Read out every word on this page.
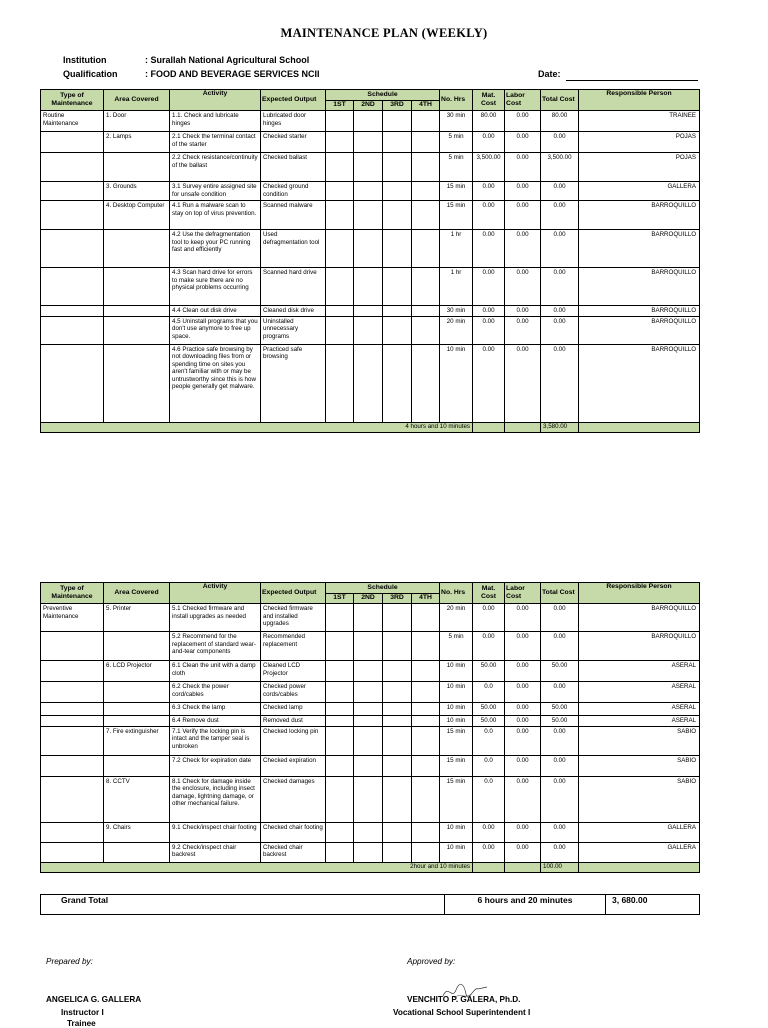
MAINTENANCE PLAN (WEEKLY)
Institution	: Surallah National Agricultural School
Qualification	: FOOD AND BEVERAGE SERVICES NCII	Date:
Type of Maintenance	Area Covered	Activity	Expected Output	Schedule				No. Hrs	Mat. Cost	Labor Cost	Total Cost	Responsible Person
				1ST	2ND	3RD	4TH					
Routine Maintenance	1. Door	1.1. Check and lubricate hinges	Lubricated door hinges					30 min	80.00	0.00	80.00	TRAINEE
	2. Lamps	2.1 Check the terminal contact of the starter	Checked starter					5 min	0.00	0.00	0.00	POJAS
		2.2 Check resistance/continuity of the ballast	Checked ballast					5 min	3,500.00	0.00	3,500.00	POJAS
	3. Grounds	3.1 Survey entire assigned site for unsafe condition	Checked ground condition					15 min	0.00	0.00	0.00	GALLERA
	4. Desktop Computer	4.1 Run a malware scan to stay on top of virus prevention.	Scanned malware					15 min	0.00	0.00	0.00	BARROQUILLO
		4.2 Use the defragmentation tool to keep your PC running fast and efficiently	Used defragmentation tool					1 hr	0.00	0.00	0.00	BARROQUILLO
		4.3 Scan hard drive for errors to make sure there are no physical problems occurring	Scanned hard drive					1 hr	0.00	0.00	0.00	BARROQUILLO
		4.4 Clean out disk drive	Cleaned disk drive					30 min	0.00	0.00	0.00	BARROQUILLO
		4.5 Uninstall programs that you don't use anymore to free up space.	Uninstalled unnecessary programs					20 min	0.00	0.00	0.00	BARROQUILLO
		4.6 Practice safe browsing by not downloading files from or spending time on sites you aren't familiar with or may be untrustworthy since this is how people generally get malware.	Practiced safe browsing					10 min	0.00	0.00	0.00	BARROQUILLO
4 hours and 10 minutes											3,580.00	
Type of Maintenance	Area Covered	Activity	Expected Output	Schedule				No. Hrs	Mat. Cost	Labor Cost	Total Cost	Responsible Person
				1ST	2ND	3RD	4TH					
Preventive Maintenance	5. Printer	5.1 Checked firmware and install upgrades as needed	Checked firmware and installed upgrades					20 min	0.00	0.00	0.00	BARROQUILLO
		5.2 Recommend for the replacement of standard wear-and-tear components	Recommended replacement					5 min	0.00	0.00	0.00	BARROQUILLO
	6. LCD Projector	6.1 Clean the unit with a damp cloth	Cleaned LCD Projector					10 min	50.00	0.00	50.00	ASERAL
		6.2 Check the power cord/cables	Checked power cords/cables					10 min	0.0	0.00	0.00	ASERAL
		6.3 Check the lamp	Checked lamp					10 min	50.00	0.00	50.00	ASERAL
		6.4 Remove dust	Removed dust					10 min	50.00	0.00	50.00	ASERAL
	7. Fire extinguisher	7.1 Verify the locking pin is intact and the tamper seal is unbroken	Checked locking pin					15 min	0.0	0.00	0.00	SABIO
		7.2 Check for expiration date	Checked expiration					15 min	0.0	0.00	0.00	SABIO
	8. CCTV	8.1 Check for damage inside the enclosure, including insect damage, lightning damage, or other mechanical failure.	Checked damages					15 min	0.0	0.00	0.00	SABIO
	9. Chairs	9.1 Check/inspect chair footing	Checked chair footing					10 min	0.00	0.00	0.00	GALLERA
		9.2 Check/inspect chair backrest	Checked chair backrest					10 min	0.00	0.00	0.00	GALLERA
2hour and 10 minutes											100.00	
Grand Total	6 hours and 20 minutes	3, 680.00
Prepared by:	Approved by:
ANGELICA G. GALLERA
Instructor I
Trainee
VENCHITO P. GALERA, Ph.D.
Vocational School Superintendent I
